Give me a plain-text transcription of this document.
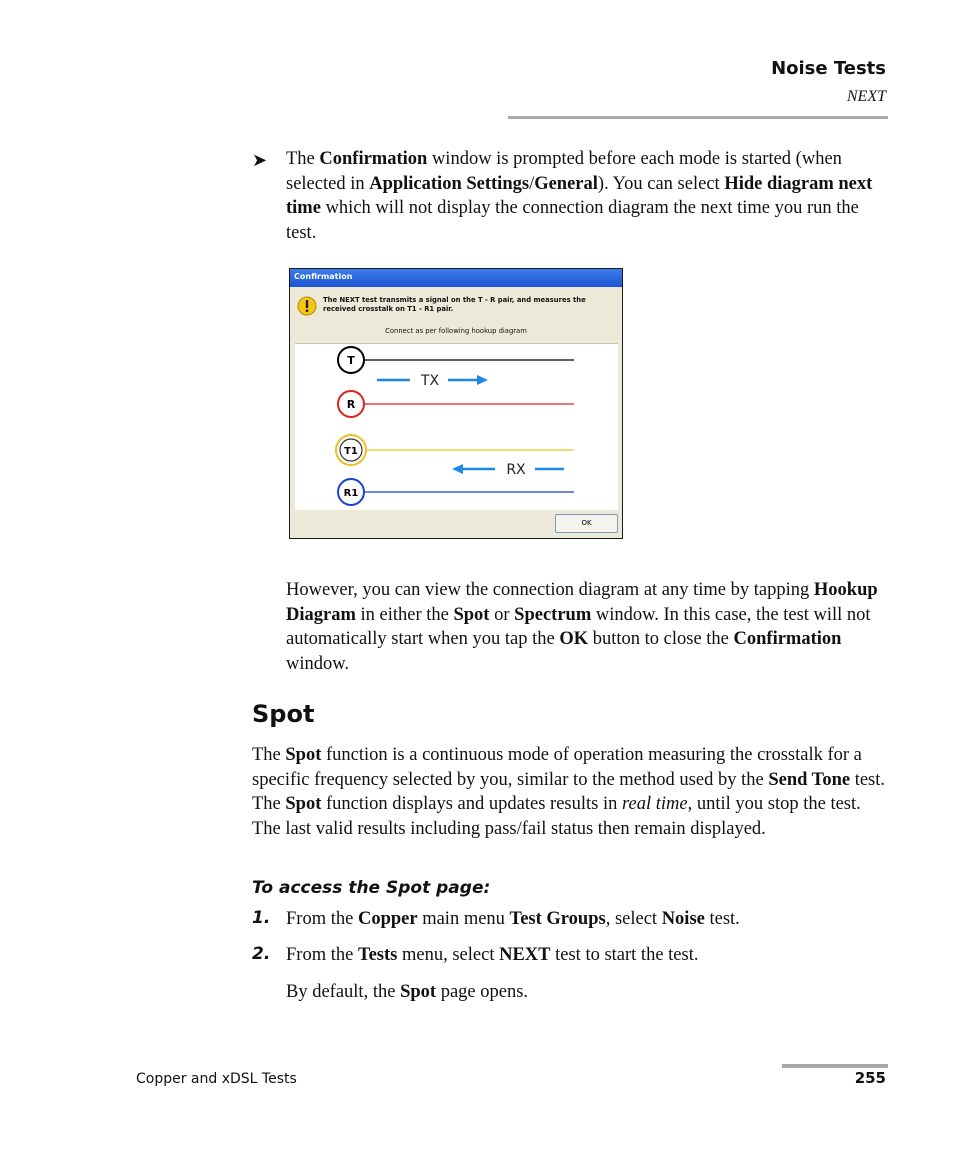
Noise Tests
NEXT
➤ The Confirmation window is prompted before each mode is started (when selected in Application Settings/General). You can select Hide diagram next time which will not display the connection diagram the next time you run the test.
Confirmation
The NEXT test transmits a signal on the T - R pair, and measures the received crosstalk on T1 - R1 pair.
Connect as per following hookup diagram
T
R
T1
R1
TX
RX
OK
However, you can view the connection diagram at any time by tapping Hookup Diagram in either the Spot or Spectrum window. In this case, the test will not automatically start when you tap the OK button to close the Confirmation window.
Spot
The Spot function is a continuous mode of operation measuring the crosstalk for a specific frequency selected by you, similar to the method used by the Send Tone test. The Spot function displays and updates results in real time, until you stop the test. The last valid results including pass/fail status then remain displayed.
To access the Spot page:
1. From the Copper main menu Test Groups, select Noise test.
2. From the Tests menu, select NEXT test to start the test.
By default, the Spot page opens.
Copper and xDSL Tests	255
